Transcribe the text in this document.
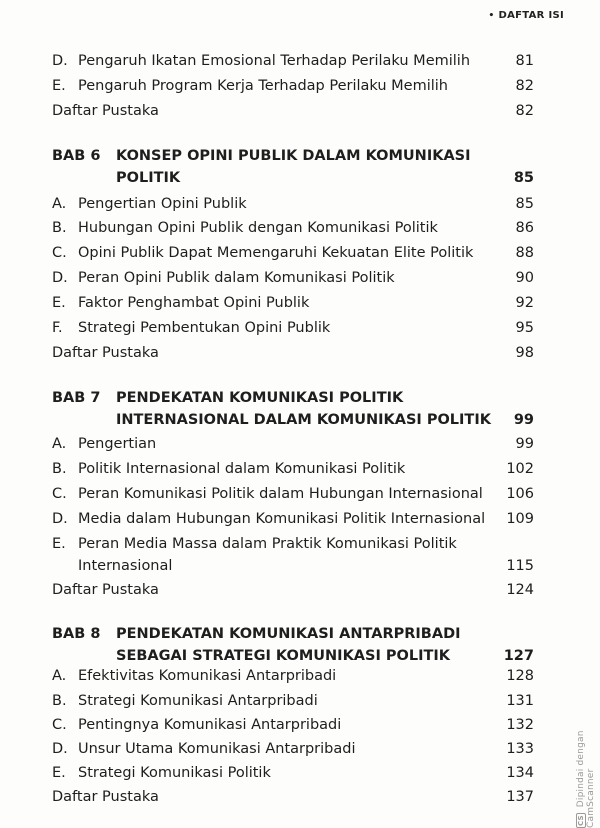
• DAFTAR ISI
D. Pengaruh Ikatan Emosional Terhadap Perilaku Memilih	81
E. Pengaruh Program Kerja Terhadap Perilaku Memilih	82
Daftar Pustaka	82
BAB 6 KONSEP OPINI PUBLIK DALAM KOMUNIKASI
POLITIK	85
A. Pengertian Opini Publik	85
B. Hubungan Opini Publik dengan Komunikasi Politik	86
C. Opini Publik Dapat Memengaruhi Kekuatan Elite Politik	88
D. Peran Opini Publik dalam Komunikasi Politik	90
E. Faktor Penghambat Opini Publik	92
F. Strategi Pembentukan Opini Publik	95
Daftar Pustaka	98
BAB 7 PENDEKATAN KOMUNIKASI POLITIK
INTERNASIONAL DALAM KOMUNIKASI POLITIK 99
A. Pengertian	99
B. Politik Internasional dalam Komunikasi Politik	102
C. Peran Komunikasi Politik dalam Hubungan Internasional 106
D. Media dalam Hubungan Komunikasi Politik Internasional 109
E. Peran Media Massa dalam Praktik Komunikasi Politik
Internasional	115
Daftar Pustaka	124
BAB 8 PENDEKATAN KOMUNIKASI ANTARPRIBADI
SEBAGAI STRATEGI KOMUNIKASI POLITIK	127
A. Efektivitas Komunikasi Antarpribadi	128
B. Strategi Komunikasi Antarpribadi	131
C. Pentingnya Komunikasi Antarpribadi	132
D. Unsur Utama Komunikasi Antarpribadi	133
E. Strategi Komunikasi Politik	134
Daftar Pustaka	137
CS Dipindai dengan CamScanner
